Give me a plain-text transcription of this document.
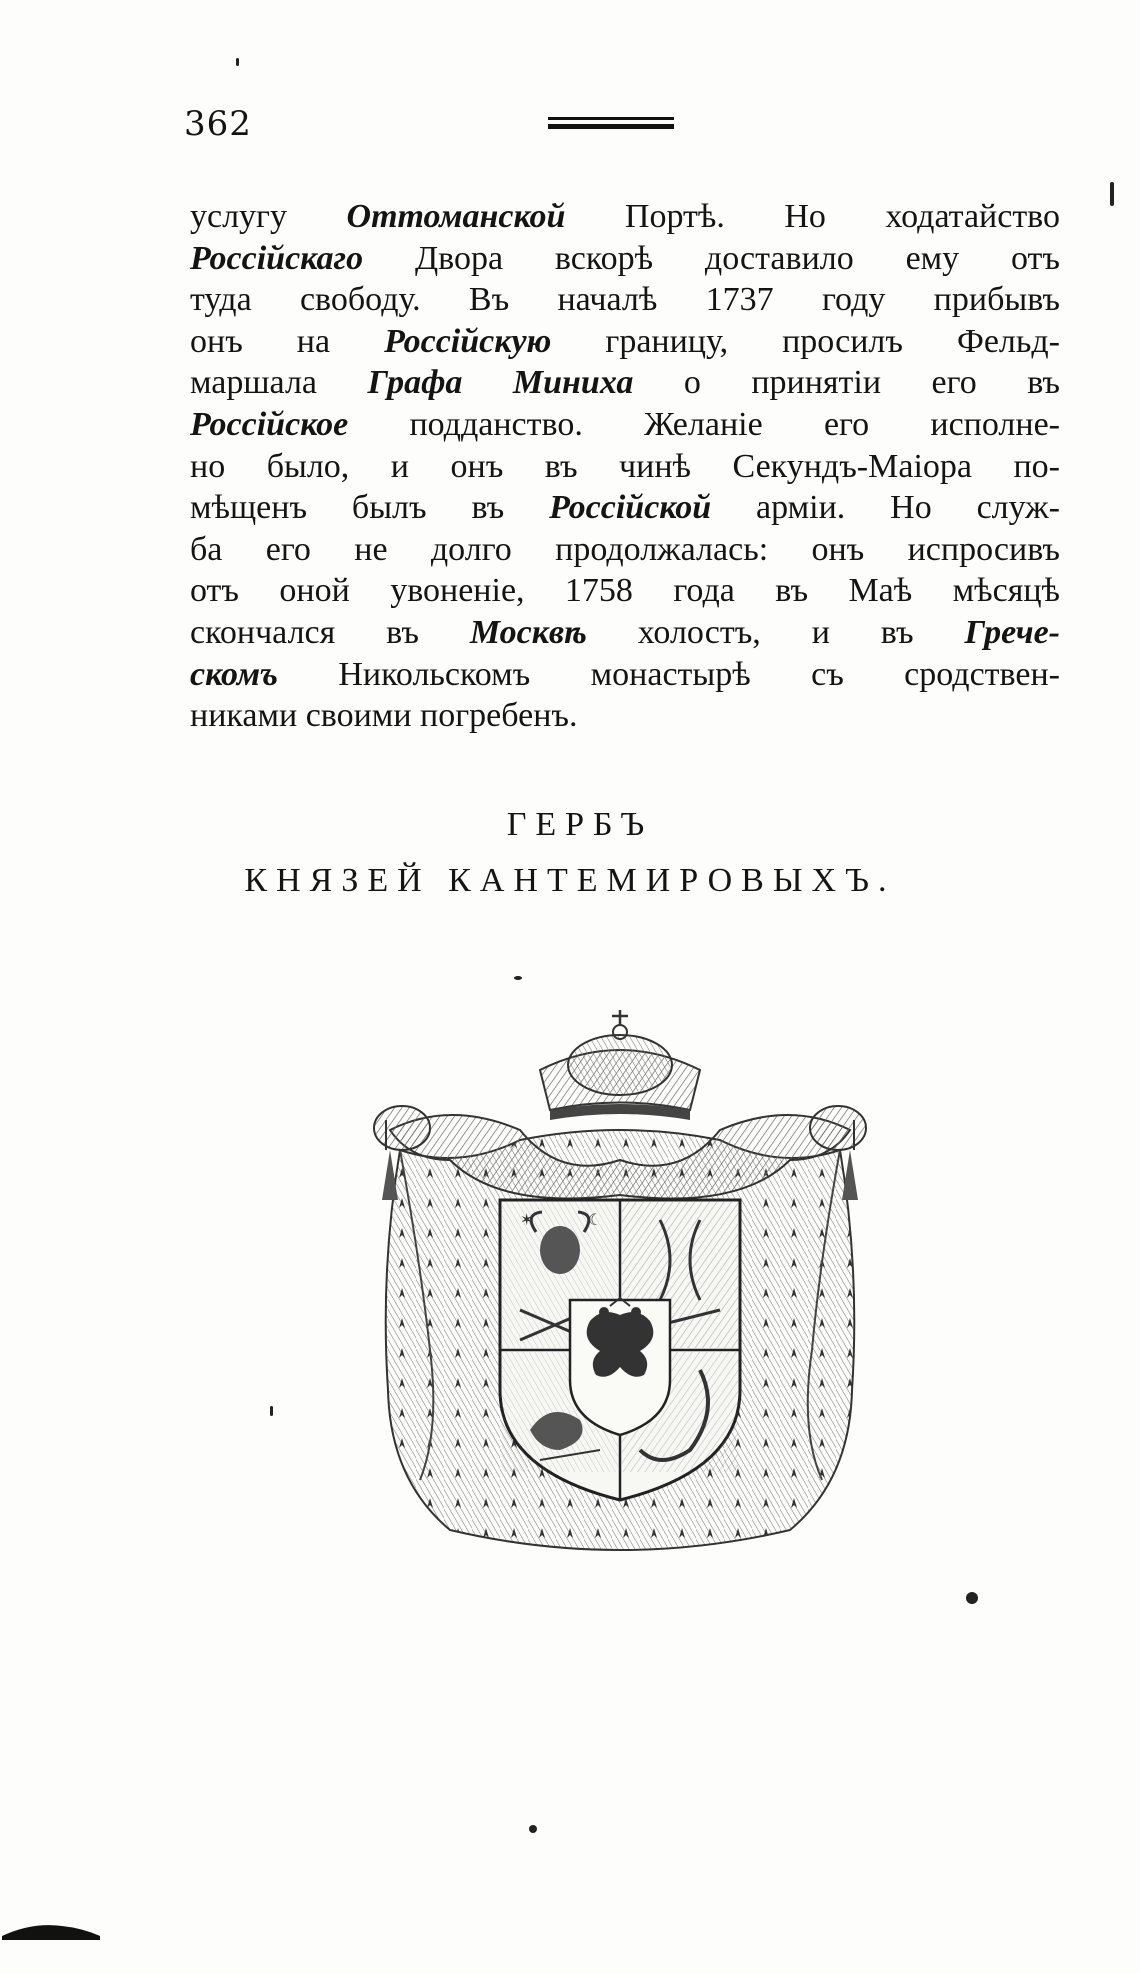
362
услугу Оттоманской Портѣ. Но ходатайство
Россiйскаго Двора вскорѣ доставило ему отъ
туда свободу. Въ началѣ 1737 году прибывъ
онъ на Россiйскую границу, просилъ Фельд-
маршала Графа Миниха о принятiи его въ
Россiйское подданство. Желанiе его исполне-
но было, и онъ въ чинѣ Секундъ-Маiора по-
мѣщенъ былъ въ Россiйской армiи. Но служ-
ба его не долго продолжалась: онъ испросивъ
отъ оной увоненiе, 1758 года въ Маѣ мѣсяцѣ
скончался въ Москвѣ холостъ, и въ Грече-
скомъ Никольскомъ монастырѣ съ сродствен-
никами своими погребенъ.
ГЕРБЪ
КНЯЗЕЙ КАНТЕМИРОВЫХЪ.
✶	☾
